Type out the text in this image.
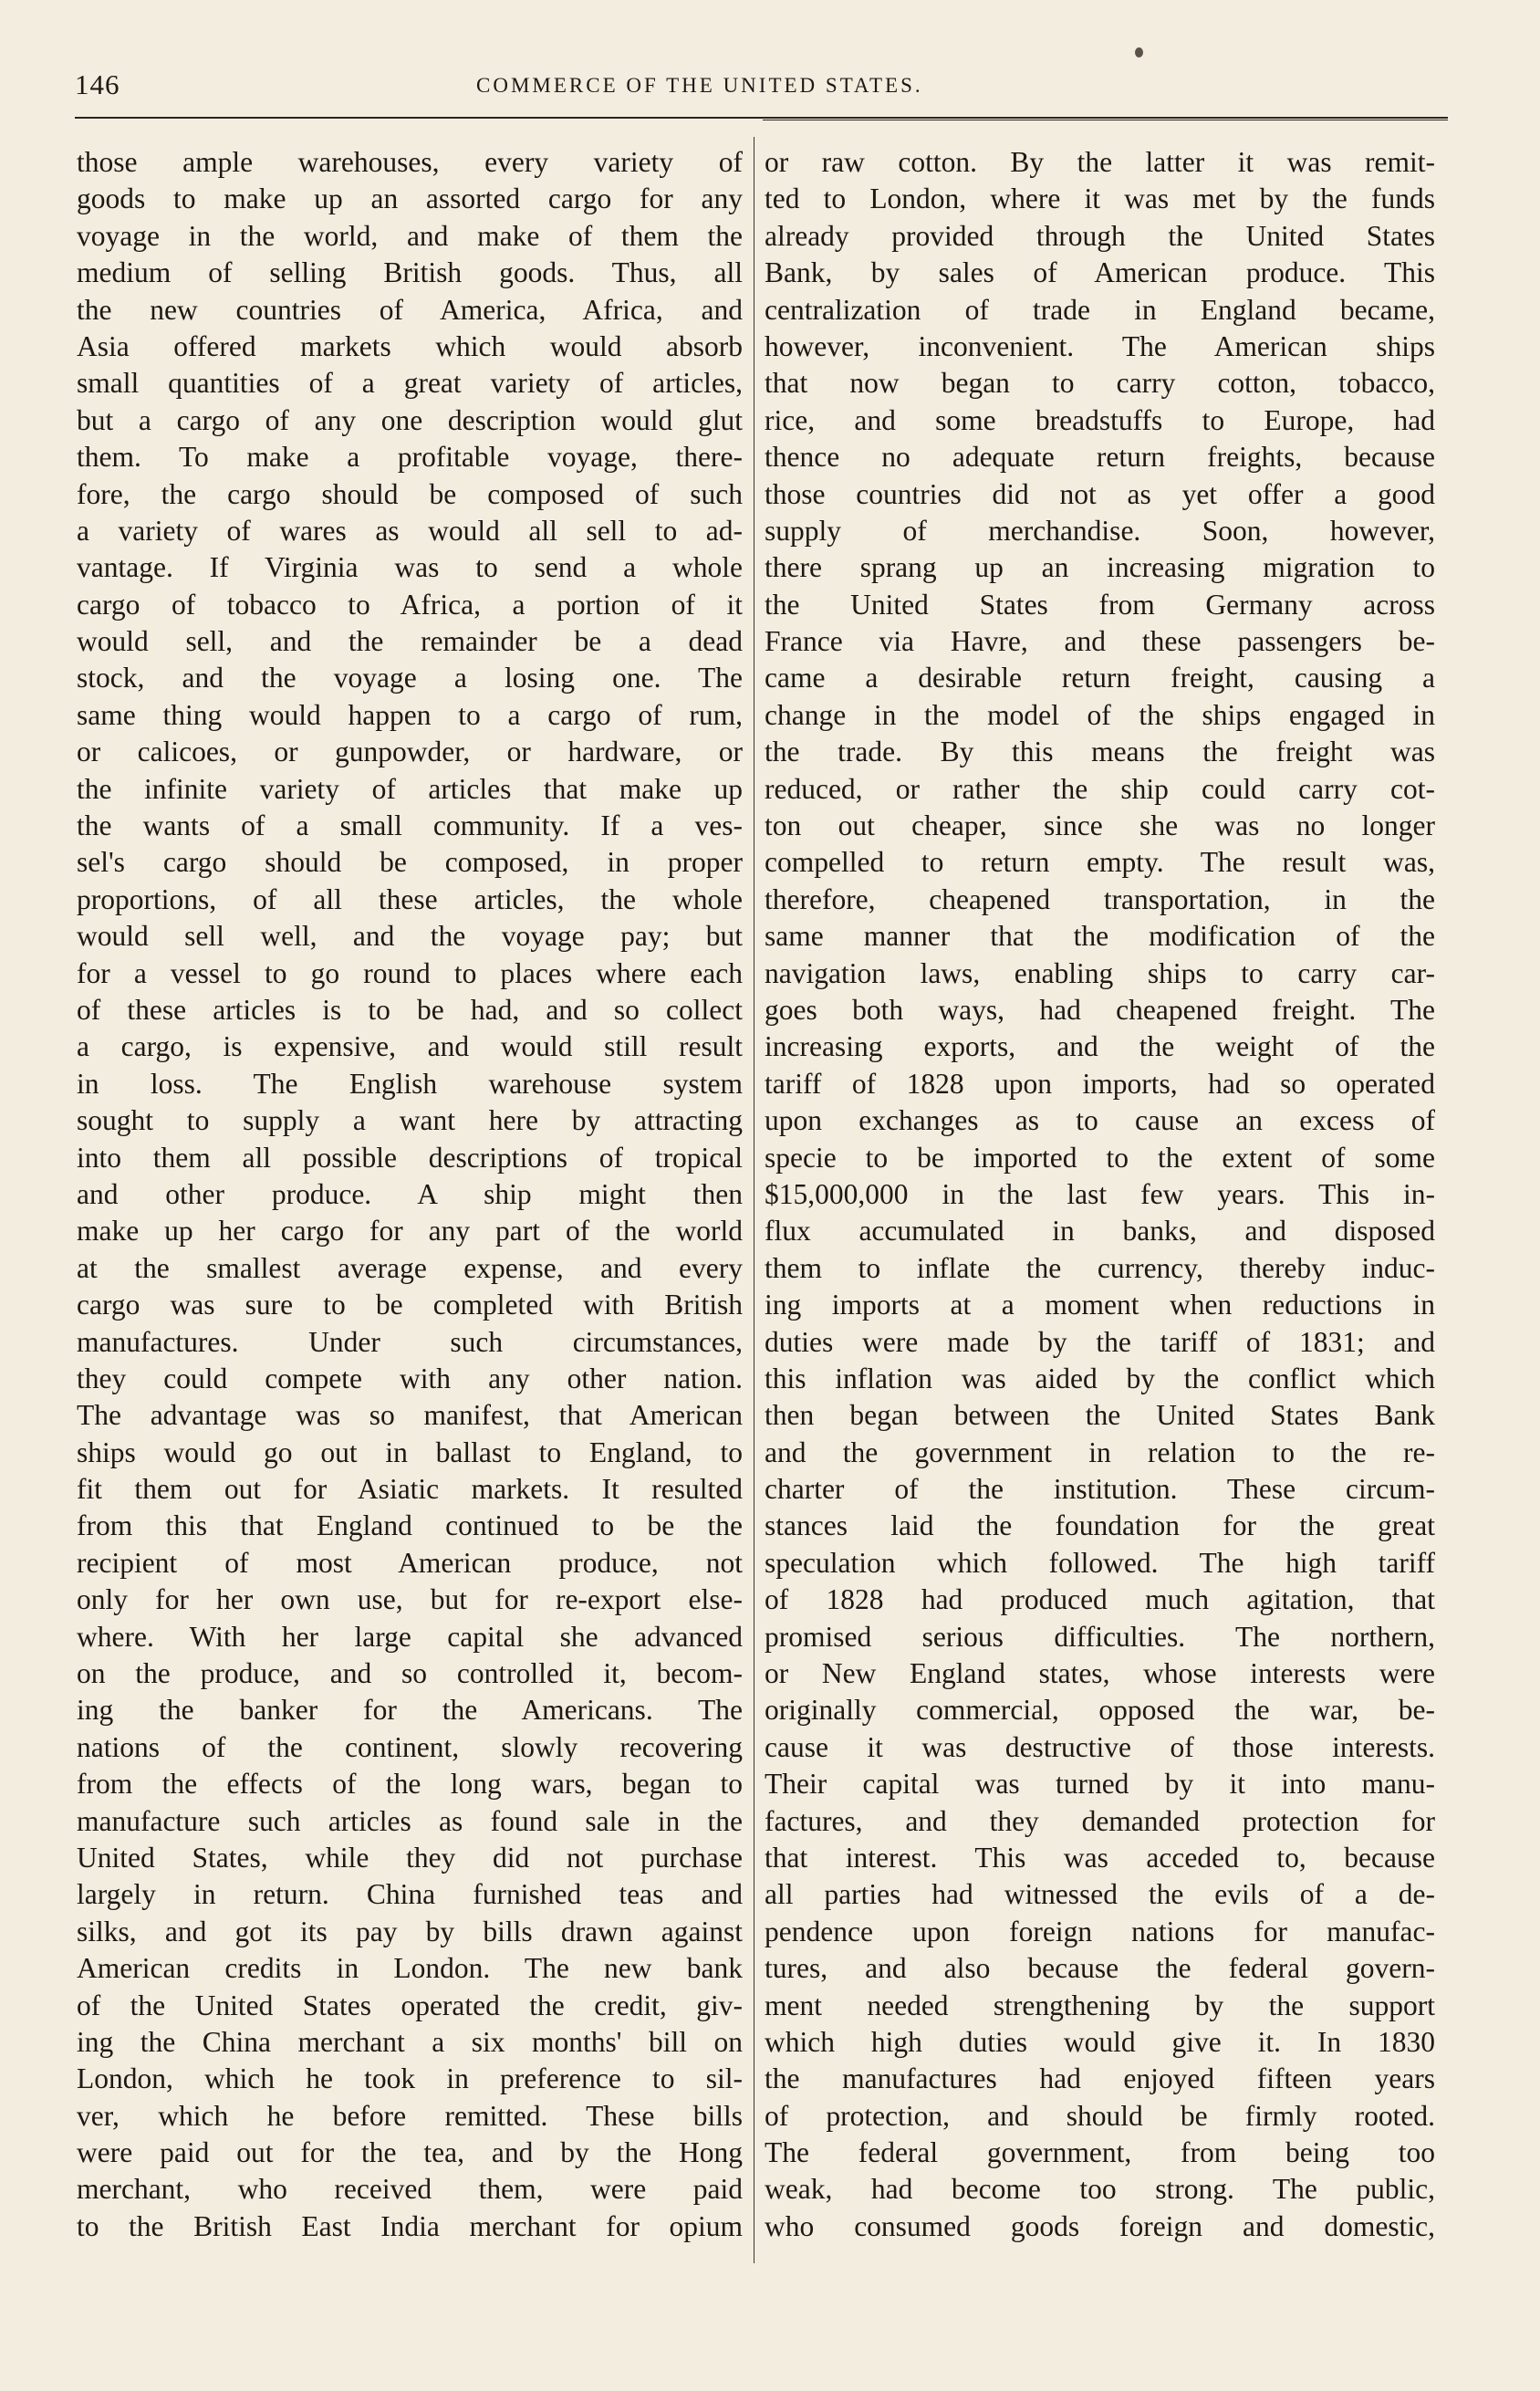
146	COMMERCE OF THE UNITED STATES.
those ample warehouses, every variety of
goods to make up an assorted cargo for any
voyage in the world, and make of them the
medium of selling British goods. Thus, all
the new countries of America, Africa, and
Asia offered markets which would absorb
small quantities of a great variety of articles,
but a cargo of any one description would glut
them. To make a profitable voyage, there-
fore, the cargo should be composed of such
a variety of wares as would all sell to ad-
vantage. If Virginia was to send a whole
cargo of tobacco to Africa, a portion of it
would sell, and the remainder be a dead
stock, and the voyage a losing one. The
same thing would happen to a cargo of rum,
or calicoes, or gunpowder, or hardware, or
the infinite variety of articles that make up
the wants of a small community. If a ves-
sel's cargo should be composed, in proper
proportions, of all these articles, the whole
would sell well, and the voyage pay; but
for a vessel to go round to places where each
of these articles is to be had, and so collect
a cargo, is expensive, and would still result
in loss. The English warehouse system
sought to supply a want here by attracting
into them all possible descriptions of tropical
and other produce. A ship might then
make up her cargo for any part of the world
at the smallest average expense, and every
cargo was sure to be completed with British
manufactures. Under such circumstances,
they could compete with any other nation.
The advantage was so manifest, that American
ships would go out in ballast to England, to
fit them out for Asiatic markets. It resulted
from this that England continued to be the
recipient of most American produce, not
only for her own use, but for re-export else-
where. With her large capital she advanced
on the produce, and so controlled it, becom-
ing the banker for the Americans. The
nations of the continent, slowly recovering
from the effects of the long wars, began to
manufacture such articles as found sale in the
United States, while they did not purchase
largely in return. China furnished teas and
silks, and got its pay by bills drawn against
American credits in London. The new bank
of the United States operated the credit, giv-
ing the China merchant a six months' bill on
London, which he took in preference to sil-
ver, which he before remitted. These bills
were paid out for the tea, and by the Hong
merchant, who received them, were paid
to the British East India merchant for opium
or raw cotton. By the latter it was remit-
ted to London, where it was met by the funds
already provided through the United States
Bank, by sales of American produce. This
centralization of trade in England became,
however, inconvenient. The American ships
that now began to carry cotton, tobacco,
rice, and some breadstuffs to Europe, had
thence no adequate return freights, because
those countries did not as yet offer a good
supply of merchandise. Soon, however,
there sprang up an increasing migration to
the United States from Germany across
France via Havre, and these passengers be-
came a desirable return freight, causing a
change in the model of the ships engaged in
the trade. By this means the freight was
reduced, or rather the ship could carry cot-
ton out cheaper, since she was no longer
compelled to return empty. The result was,
therefore, cheapened transportation, in the
same manner that the modification of the
navigation laws, enabling ships to carry car-
goes both ways, had cheapened freight. The
increasing exports, and the weight of the
tariff of 1828 upon imports, had so operated
upon exchanges as to cause an excess of
specie to be imported to the extent of some
$15,000,000 in the last few years. This in-
flux accumulated in banks, and disposed
them to inflate the currency, thereby induc-
ing imports at a moment when reductions in
duties were made by the tariff of 1831; and
this inflation was aided by the conflict which
then began between the United States Bank
and the government in relation to the re-
charter of the institution. These circum-
stances laid the foundation for the great
speculation which followed. The high tariff
of 1828 had produced much agitation, that
promised serious difficulties. The northern,
or New England states, whose interests were
originally commercial, opposed the war, be-
cause it was destructive of those interests.
Their capital was turned by it into manu-
factures, and they demanded protection for
that interest. This was acceded to, because
all parties had witnessed the evils of a de-
pendence upon foreign nations for manufac-
tures, and also because the federal govern-
ment needed strengthening by the support
which high duties would give it. In 1830
the manufactures had enjoyed fifteen years
of protection, and should be firmly rooted.
The federal government, from being too
weak, had become too strong. The public,
who consumed goods foreign and domestic,
